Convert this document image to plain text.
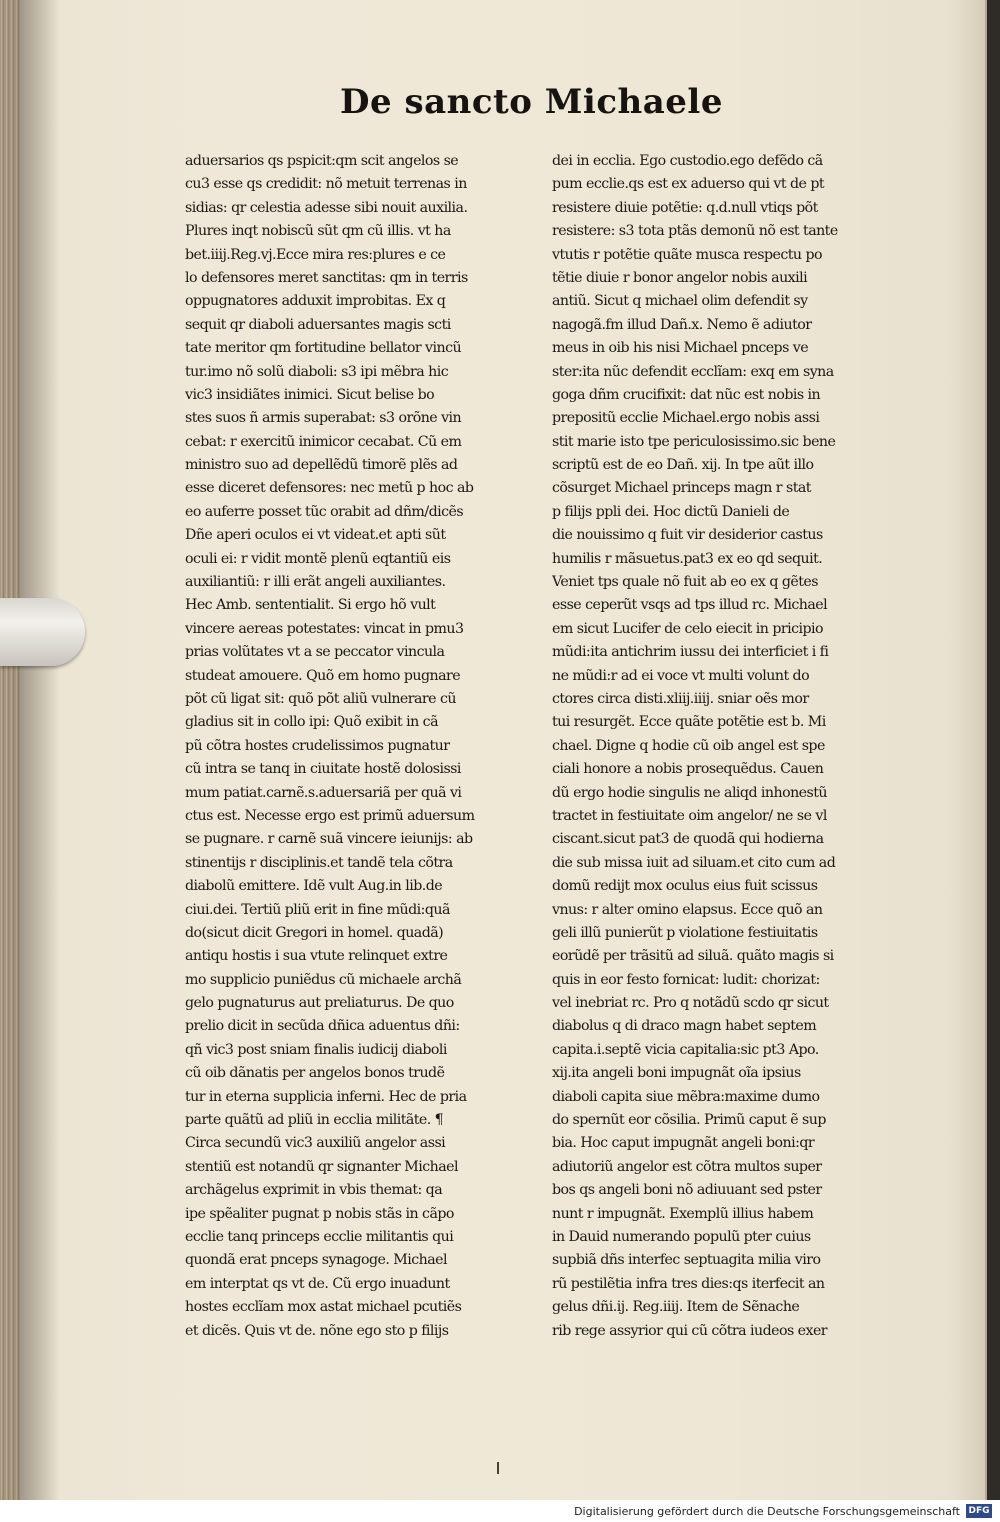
De sancto Michaele
aduersarios qs pspicit:qm scit angelos se
cu3 esse qs credidit: nõ metuit terrenas in
sidias: qr celestia adesse sibi nouit auxilia.
Plures inqt nobiscũ sũt qm cũ illis. vt ha
bet.iiij.Reg.vj.Ecce mira res:plures e ce
lo defensores meret sanctitas: qm in terris
oppugnatores adduxit improbitas. Ex q
sequit qr diaboli aduersantes magis scti
tate meritor qm fortitudine bellator vincũ
tur.imo nõ solũ diaboli: s3 ipi mẽbra hic
vic3 insidiãtes inimici. Sicut belise bo
stes suos ñ armis superabat: s3 orõne vin
cebat: r exercitũ inimicor cecabat. Cũ em
ministro suo ad depellẽdũ timorẽ plẽs ad
esse diceret defensores: nec metũ p hoc ab
eo auferre posset tũc orabit ad dñm/dicẽs
Dñe aperi oculos ei vt videat.et apti sũt
oculi ei: r vidit montẽ plenũ eqtantiũ eis
auxiliantiũ: r illi erãt angeli auxiliantes.
Hec Amb. sententialit. Si ergo hõ vult
vincere aereas potestates: vincat in pmu3
prias volũtates vt a se peccator vincula
studeat amouere. Quõ em homo pugnare
põt cũ ligat sit: quõ põt aliũ vulnerare cũ
gladius sit in collo ipi: Quõ exibit in cã
pũ cõtra hostes crudelissimos pugnatur
cũ intra se tanq in ciuitate hostẽ dolosissi
mum patiat.carnẽ.s.aduersariã per quã vi
ctus est. Necesse ergo est primũ aduersum
se pugnare. r carnẽ suã vincere ieiunijs: ab
stinentijs r disciplinis.et tandẽ tela cõtra
diabolũ emittere. Idẽ vult Aug.in lib.de
ciui.dei. Tertiũ pliũ erit in fine mũdi:quã
do(sicut dicit Gregori in homel. quadã)
antiqu hostis i sua vtute relinquet extre
mo supplicio puniẽdus cũ michaele archã
gelo pugnaturus aut preliaturus. De quo
prelio dicit in secũda dñica aduentus dñi:
qñ vic3 post sniam finalis iudicij diaboli
cũ oib dãnatis per angelos bonos trudẽ
tur in eterna supplicia inferni. Hec de pria
parte quãtũ ad pliũ in ecclia militãte. ¶
Circa secundũ vic3 auxiliũ angelor assi
stentiũ est notandũ qr signanter Michael
archãgelus exprimit in vbis themat: qa
ipe spẽaliter pugnat p nobis stãs in cãpo
ecclie tanq princeps ecclie militantis qui
quondã erat pnceps synagoge. Michael
em interptat qs vt de. Cũ ergo inuadunt
hostes ecclĩam mox astat michael pcutiẽs
et dicẽs. Quis vt de. nõne ego sto p filijs
dei in ecclia. Ego custodio.ego defẽdo cã
pum ecclie.qs est ex aduerso qui vt de pt
resistere diuie potẽtie: q.d.null vtiqs põt
resistere: s3 tota ptãs demonũ nõ est tante
vtutis r potẽtie quãte musca respectu po
tẽtie diuie r bonor angelor nobis auxili
antiũ. Sicut q michael olim defendit sy
nagogã.fm illud Dañ.x. Nemo ẽ adiutor
meus in oib his nisi Michael pnceps ve
ster:ita nũc defendit ecclĩam: exq em syna
goga dñm crucifixit: dat nũc est nobis in
prepositũ ecclie Michael.ergo nobis assi
stit marie isto tpe periculosissimo.sic bene
scriptũ est de eo Dañ. xij. In tpe aũt illo
cõsurget Michael princeps magn r stat
p filijs ppli dei. Hoc dictũ Danieli de
die nouissimo q fuit vir desiderior castus
humilis r mãsuetus.pat3 ex eo qd sequit.
Veniet tps quale nõ fuit ab eo ex q gẽtes
esse ceperũt vsqs ad tps illud rc. Michael
em sicut Lucifer de celo eiecit in pricipio
mũdi:ita antichrim iussu dei interficiet i fi
ne mũdi:r ad ei voce vt multi volunt do
ctores circa disti.xliij.iiij. sniar oẽs mor
tui resurgẽt. Ecce quãte potẽtie est b. Mi
chael. Digne q hodie cũ oib angel est spe
ciali honore a nobis prosequẽdus. Cauen
dũ ergo hodie singulis ne aliqd inhonestũ
tractet in festiuitate oim angelor/ ne se vl
ciscant.sicut pat3 de quodã qui hodierna
die sub missa iuit ad siluam.et cito cum ad
domũ redijt mox oculus eius fuit scissus
vnus: r alter omino elapsus. Ecce quõ an
geli illũ punierũt p violatione festiuitatis
eorũdẽ per trãsitũ ad siluã. quãto magis si
quis in eor festo fornicat: ludit: chorizat:
vel inebriat rc. Pro q notãdũ scdo qr sicut
diabolus q di draco magn habet septem
capita.i.septẽ vicia capitalia:sic pt3 Apo.
xij.ita angeli boni impugnãt oĩa ipsius
diaboli capita siue mẽbra:maxime dumo
do spernũt eor cõsilia. Primũ caput ẽ sup
bia. Hoc caput impugnãt angeli boni:qr
adiutoriũ angelor est cõtra multos super
bos qs angeli boni nõ adiuuant sed pster
nunt r impugnãt. Exemplũ illius habem
in Dauid numerando populũ pter cuius
supbiã dñs interfec septuagita milia viro
rũ pestilẽtia infra tres dies:qs iterfecit an
gelus dñi.ij. Reg.iiij. Item de Sẽnache
rib rege assyrior qui cũ cõtra iudeos exer
Digitalisierung gefördert durch die Deutsche Forschungsgemeinschaft DFG
